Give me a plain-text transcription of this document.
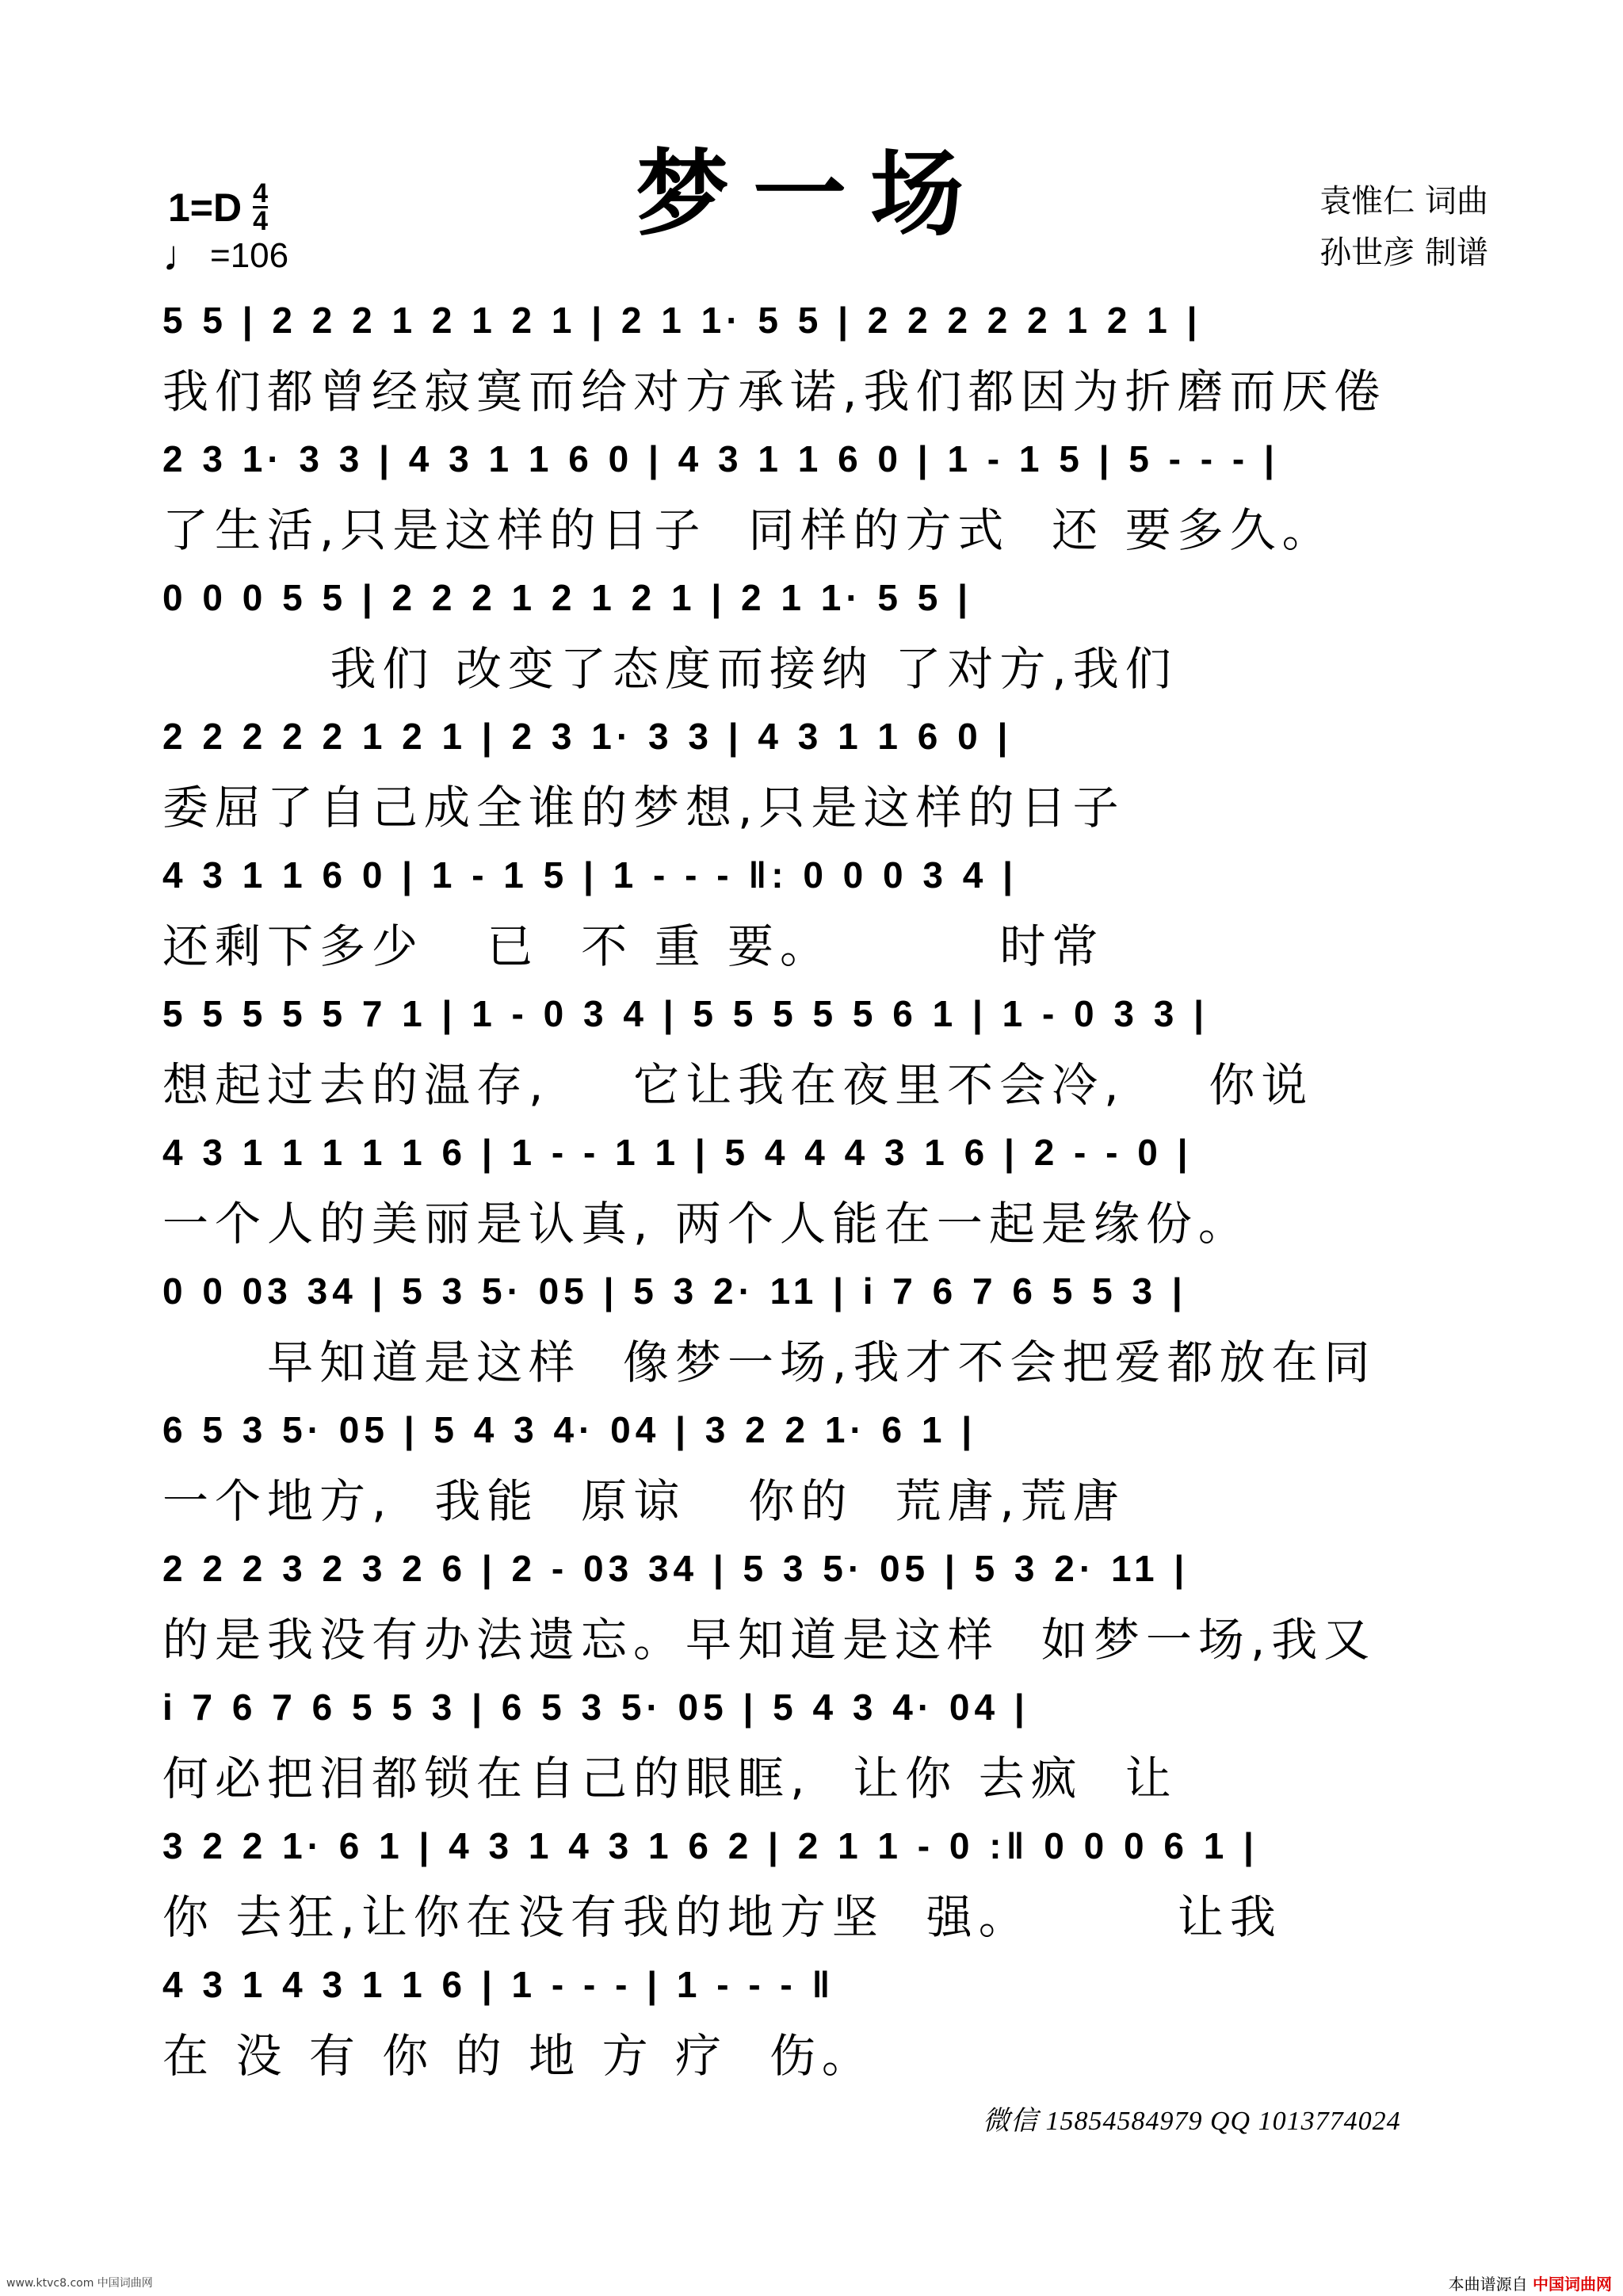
梦一场
$1=D \frac{4}{4}$
♩ =106
袁惟仁 词曲
孙世彦 制谱
5 5 | 2 2 2 1 2 1 2 1 | 2 1 1· 5 5 | 2 2 2 2 2 1 2 1 |
我们都曾经寂寞而给对方承诺,我们都因为折磨而厌倦
2 3 1· 3 3 | 4 3 1 1 6 0 | 4 3 1 1 6 0 | 1 - 1 5 | 5 - - - |
了生活,只是这样的日子  同样的方式  还 要多久。
0 0 0 5 5 | 2 2 2 1 2 1 2 1 | 2 1 1· 5 5 |
我们 改变了态度而接纳 了对方,我们
2 2 2 2 2 1 2 1 | 2 3 1· 3 3 | 4 3 1 1 6 0 |
委屈了自己成全谁的梦想,只是这样的日子
4 3 1 1 6 0 | 1 - 1 5 | 1 - - - ‖: 0 0 0 3 4 |
还剩下多少   已  不 重 要。        时常
5 5 5 5 5 7 1 | 1 - 0 3 4 | 5 5 5 5 5 6 1 | 1 - 0 3 3 |
想起过去的温存,    它让我在夜里不会冷,    你说
4 3 1 1 1 1 1 6 | 1 - - 1 1 | 5 4 4 4 3 1 6 | 2 - - 0 |
一个人的美丽是认真, 两个人能在一起是缘份。
0 0 03 34 | 5 3 5· 05 | 5 3 2· 11 | i 7 6 7 6 5 5 3 |
早知道是这样  像梦一场,我才不会把爱都放在同
6 5 3 5· 05 | 5 4 3 4· 04 | 3 2 2 1· 6 1 |
一个地方,  我能  原谅   你的  荒唐,荒唐
2 2 2 3 2 3 2 6 | 2 - 03 34 | 5 3 5· 05 | 5 3 2· 11 |
的是我没有办法遗忘。早知道是这样  如梦一场,我又
i 7 6 7 6 5 5 3 | 6 5 3 5· 05 | 5 4 3 4· 04 |
何必把泪都锁在自己的眼眶,  让你 去疯  让
3 2 2 1· 6 1 | 4 3 1 4 3 1 6 2 | 2 1 1 - 0 :‖ 0 0 0 6 1 |
你 去狂,让你在没有我的地方坚  强。       让我
4 3 1 4 3 1 1 6 | 1 - - - | 1 - - - ‖
在 没 有 你 的 地 方 疗  伤。
微信 15854584979 QQ 1013774024
www.ktvc8.com 中国词曲网	本曲谱源自 中国词曲网
